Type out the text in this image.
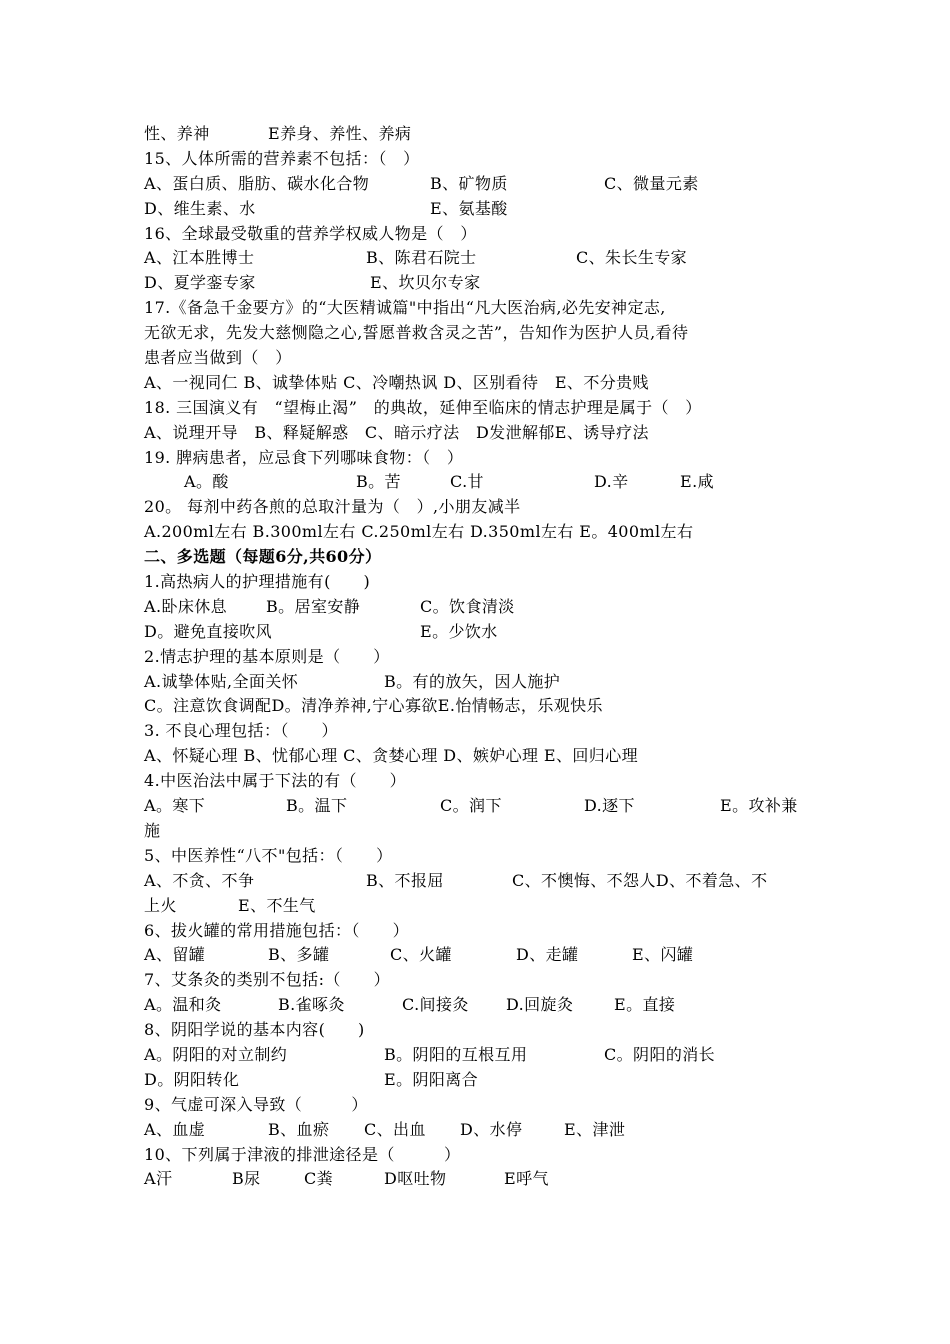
性、养神	E养身、养性、养病
15、人体所需的营养素不包括：（　）
A、蛋白质、脂肪、碳水化合物	B、矿物质	C、微量元素
D、维生素、水	E、氨基酸
16、全球最受敬重的营养学权威人物是（　）
A、江本胜博士	B、陈君石院士	C、朱长生专家
D、夏学銮专家	E、坎贝尔专家
17.《备急千金要方》的“大医精诚篇"中指出“凡大医治病,必先安神定志,
无欲无求，先发大慈恻隐之心,誓愿普救含灵之苦”，告知作为医护人员,看待
患者应当做到（　）
A、一视同仁 B、诚挚体贴 C、冷嘲热讽 D、区别看待　E、不分贵贱
18. 三国演义有　“望梅止渴”　的典故，延伸至临床的情志护理是属于（　）
A、说理开导　B、释疑解惑　C、暗示疗法　D发泄解郁E、诱导疗法
19. 脾病患者，应忌食下列哪味食物：（　）
A。酸	B。苦	C.甘	D.辛	E.咸
20。 每剂中药各煎的总取汁量为（　）,小朋友减半
A.200ml左右 B.300ml左右 C.250ml左右 D.350ml左右 E。400ml左右
二、多选题（每题6分,共60分）
1.高热病人的护理措施有(　　)
A.卧床休息 B。居室安静	C。饮食清淡
D。避免直接吹风	E。少饮水
2.情志护理的基本原则是（　　）
A.诚挚体贴,全面关怀	B。有的放矢，因人施护
C。注意饮食调配D。清净养神,宁心寡欲E.怡情畅志，乐观快乐
3. 不良心理包括：（　　）
A、怀疑心理 B、忧郁心理 C、贪婪心理 D、嫉妒心理 E、回归心理
4.中医治法中属于下法的有（　　）
A。寒下	B。温下	C。润下	D.逐下	E。攻补兼
施
5、中医养性“八不"包括：（　　）
A、不贪、不争	B、不报屈	C、不懊悔、不怨人D、不着急、不
上火	E、不生气
6、拔火罐的常用措施包括：（　　）
A、留罐	B、多罐	C、火罐	D、走罐	E、闪罐
7、艾条灸的类别不包括:（　　）
A。温和灸	B.雀啄灸	C.间接灸 D.回旋灸	E。直接
8、阴阳学说的基本内容(　　)
A。阴阳的对立制约	B。阴阳的互根互用	C。阴阳的消长
D。阴阳转化	E。阴阳离合
9、气虚可深入导致（　　　）
A、血虚	B、血瘀 C、出血 D、水停	E、津泄
10、下列属于津液的排泄途径是（　　　）
A汗	B尿	C粪	D呕吐物	E呼气
